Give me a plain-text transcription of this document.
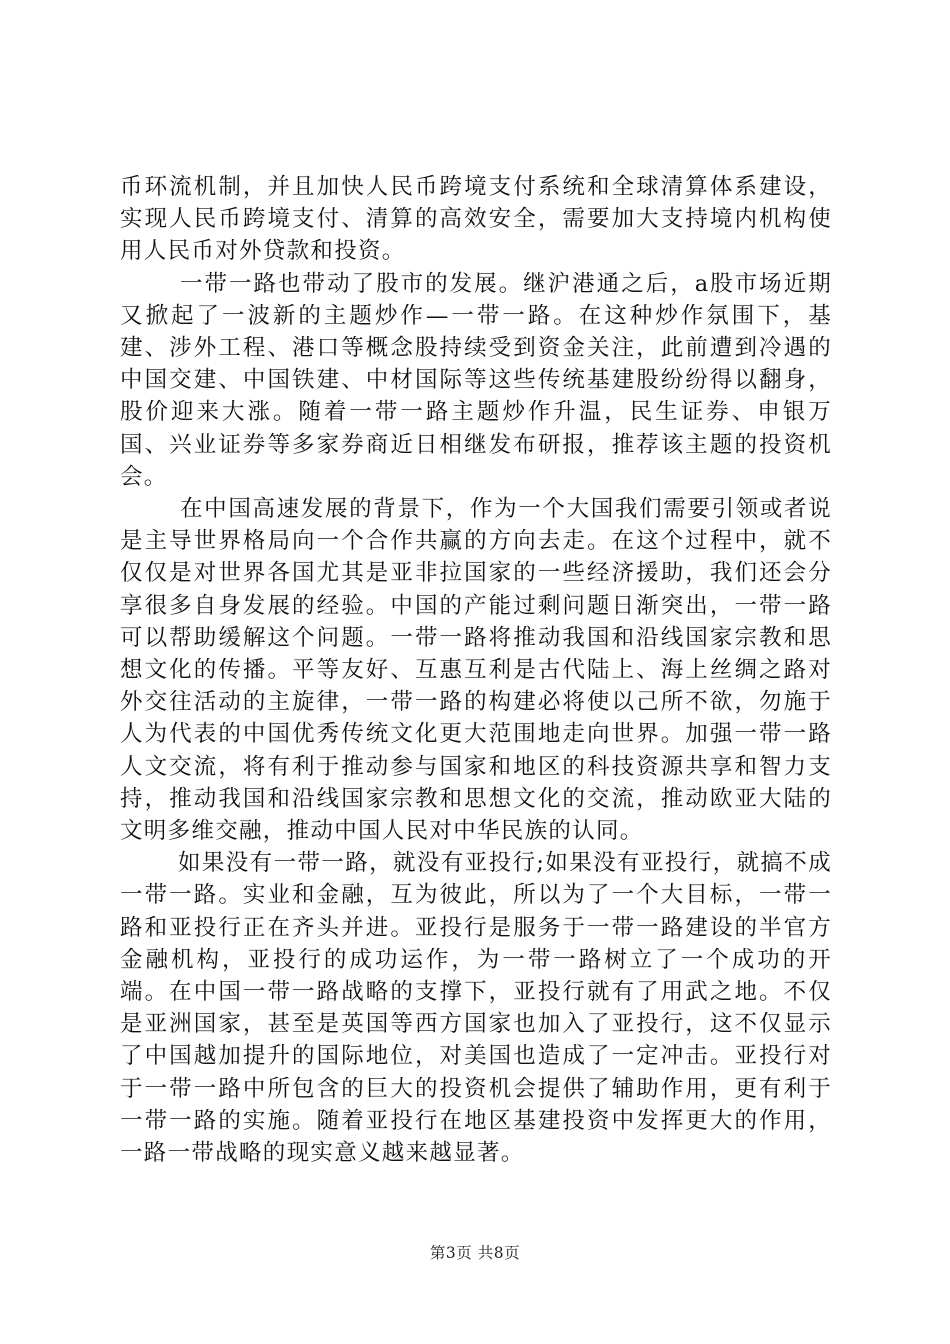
币环流机制，并且加快人民币跨境支付系统和全球清算体系建设，实现人民币跨境支付、清算的高效安全，需要加大支持境内机构使用人民币对外贷款和投资。

一带一路也带动了股市的发展。继沪港通之后，a股市场近期又掀起了一波新的主题炒作—一带一路。在这种炒作氛围下，基建、涉外工程、港口等概念股持续受到资金关注，此前遭到冷遇的中国交建、中国铁建、中材国际等这些传统基建股纷纷得以翻身，股价迎来大涨。随着一带一路主题炒作升温，民生证券、申银万国、兴业证券等多家券商近日相继发布研报，推荐该主题的投资机会。

在中国高速发展的背景下，作为一个大国我们需要引领或者说是主导世界格局向一个合作共赢的方向去走。在这个过程中，就不仅仅是对世界各国尤其是亚非拉国家的一些经济援助，我们还会分享很多自身发展的经验。中国的产能过剩问题日渐突出，一带一路可以帮助缓解这个问题。一带一路将推动我国和沿线国家宗教和思想文化的传播。平等友好、互惠互利是古代陆上、海上丝绸之路对外交往活动的主旋律，一带一路的构建必将使以己所不欲，勿施于人为代表的中国优秀传统文化更大范围地走向世界。加强一带一路人文交流，将有利于推动参与国家和地区的科技资源共享和智力支持，推动我国和沿线国家宗教和思想文化的交流，推动欧亚大陆的文明多维交融，推动中国人民对中华民族的认同。

如果没有一带一路，就没有亚投行;如果没有亚投行，就搞不成一带一路。实业和金融，互为彼此，所以为了一个大目标，一带一路和亚投行正在齐头并进。亚投行是服务于一带一路建设的半官方金融机构，亚投行的成功运作，为一带一路树立了一个成功的开端。在中国一带一路战略的支撑下，亚投行就有了用武之地。不仅是亚洲国家，甚至是英国等西方国家也加入了亚投行，这不仅显示了中国越加提升的国际地位，对美国也造成了一定冲击。亚投行对于一带一路中所包含的巨大的投资机会提供了辅助作用，更有利于一带一路的实施。随着亚投行在地区基建投资中发挥更大的作用，一路一带战略的现实意义越来越显著。

第3页 共8页
